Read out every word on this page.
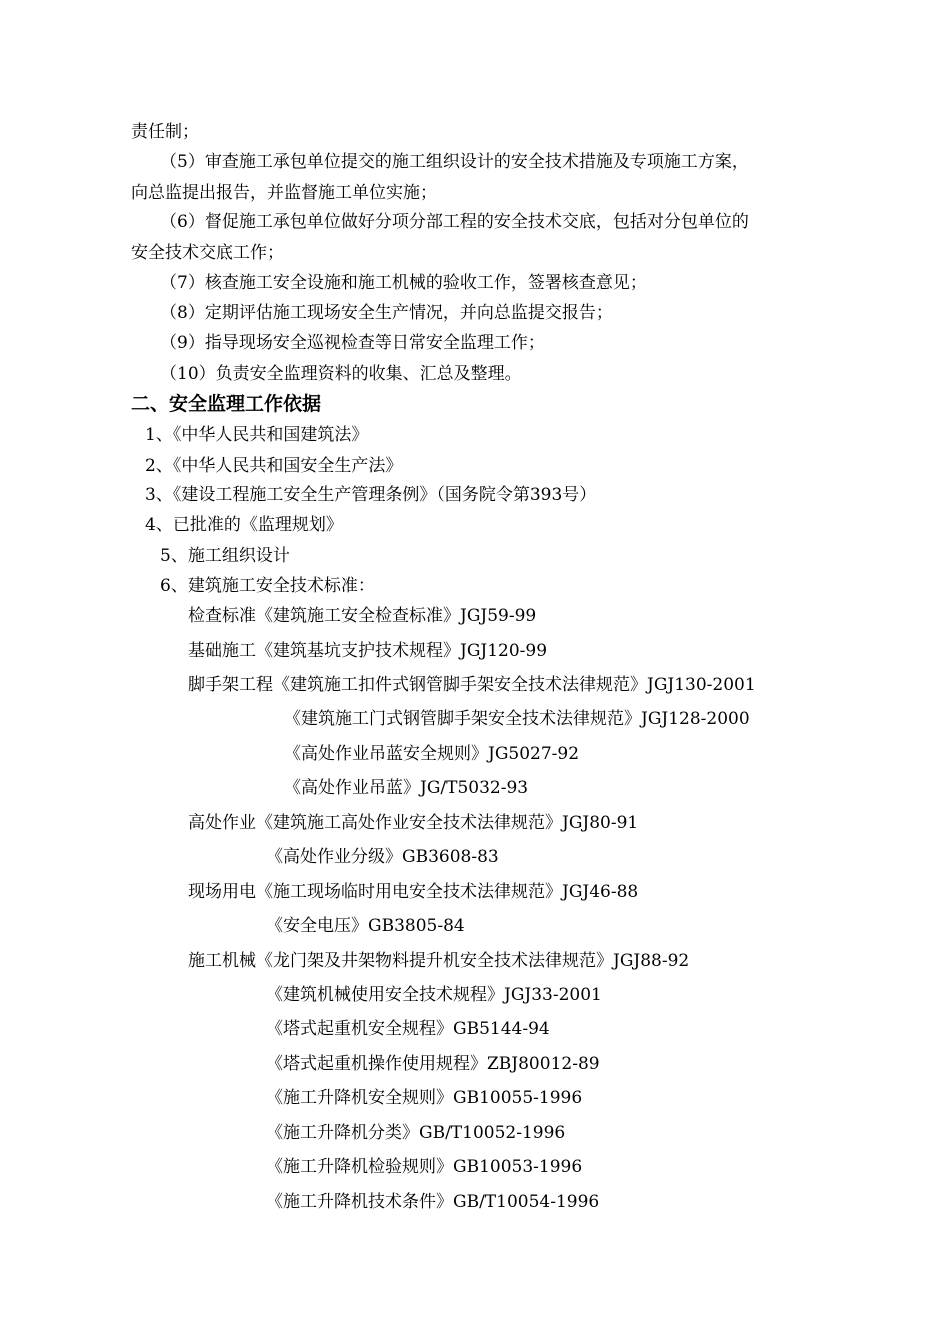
责任制；
（5）审查施工承包单位提交的施工组织设计的安全技术措施及专项施工方案，
向总监提出报告，并监督施工单位实施；
（6）督促施工承包单位做好分项分部工程的安全技术交底，包括对分包单位的
安全技术交底工作；
（7）核查施工安全设施和施工机械的验收工作，签署核查意见；
（8）定期评估施工现场安全生产情况，并向总监提交报告；
（9）指导现场安全巡视检查等日常安全监理工作；
（10）负责安全监理资料的收集、汇总及整理。
二、安全监理工作依据
1、《中华人民共和国建筑法》
2、《中华人民共和国安全生产法》
3、《建设工程施工安全生产管理条例》（国务院令第393号）
4、已批准的《监理规划》
5、施工组织设计
6、建筑施工安全技术标准：
检查标准《建筑施工安全检查标准》JGJ59-99
基础施工《建筑基坑支护技术规程》JGJ120-99
脚手架工程《建筑施工扣件式钢管脚手架安全技术法律规范》JGJ130-2001
《建筑施工门式钢管脚手架安全技术法律规范》JGJ128-2000
《高处作业吊蓝安全规则》JG5027-92
《高处作业吊蓝》JG/T5032-93
高处作业《建筑施工高处作业安全技术法律规范》JGJ80-91
《高处作业分级》GB3608-83
现场用电《施工现场临时用电安全技术法律规范》JGJ46-88
《安全电压》GB3805-84
施工机械《龙门架及井架物料提升机安全技术法律规范》JGJ88-92
《建筑机械使用安全技术规程》JGJ33-2001
《塔式起重机安全规程》GB5144-94
《塔式起重机操作使用规程》ZBJ80012-89
《施工升降机安全规则》GB10055-1996
《施工升降机分类》GB/T10052-1996
《施工升降机检验规则》GB10053-1996
《施工升降机技术条件》GB/T10054-1996
